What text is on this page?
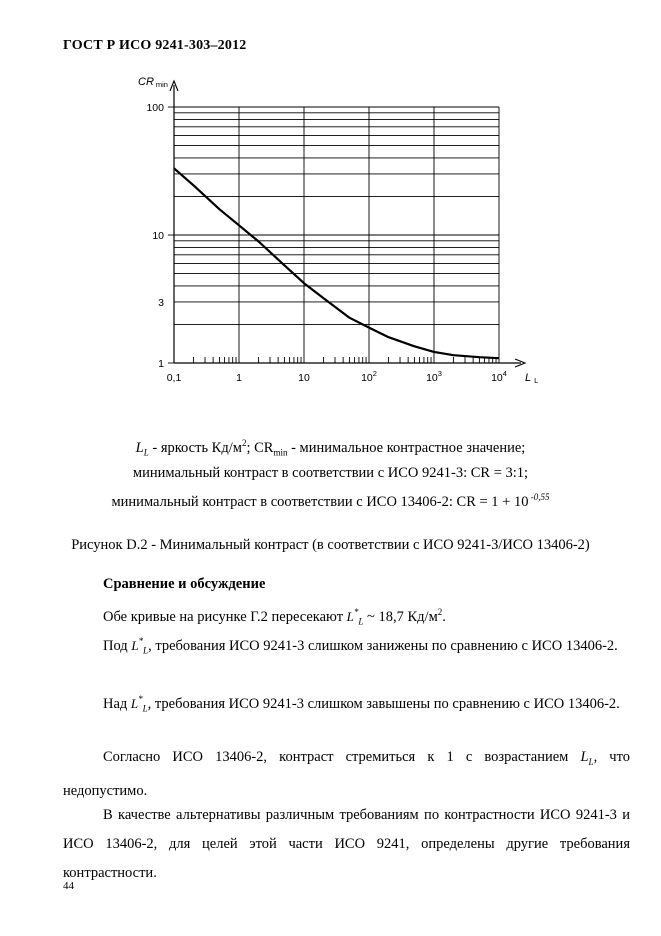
ГОСТ Р ИСО 9241-303–2012
0,1	1	10	$10^2$	$10^3$	$10^4$
100
10
3
1
CR min
L L
$L_L$ - яркость $Кд/м^2$; $CR_{min}$ - минимальное контрастное значение;
минимальный контраст в соответствии с ИСО 9241-3: CR = 3:1;
минимальный контраст в соответствии с ИСО 13406-2: CR = 1 + 10 $^{-0,55}$
Рисунок D.2 - Минимальный контраст (в соответствии с ИСО 9241-3/ИСО 13406-2)
Сравнение и обсуждение
Обе кривые на рисунке Г.2 пересекают $L^*_L$ ~ 18,7 $Кд/м^2$.
Под $L^*_L$, требования ИСО 9241-3 слишком занижены по сравнению с ИСО 13406-2.
Над $L^*_L$, требования ИСО 9241-3 слишком завышены по сравнению с ИСО 13406-2.
Согласно ИСО 13406-2, контраст стремиться к 1 с возрастанием $L_L$, что недопустимо.
В качестве альтернативы различным требованиям по контрастности ИСО 9241-3 и ИСО 13406-2, для целей этой части ИСО 9241, определены другие требования контрастности.
44
